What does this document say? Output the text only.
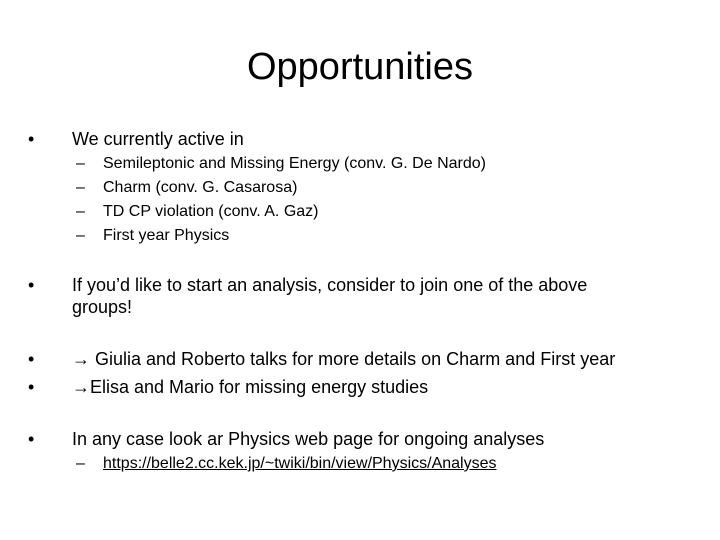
Opportunities
•	We currently active in
– Semileptonic and Missing Energy (conv. G. De Nardo)
– Charm (conv. G. Casarosa)
– TD CP violation (conv. A. Gaz)
– First year Physics
•	If you’d like to start an analysis, consider to join one of the above
groups!
•	→ Giulia and Roberto talks for more details on Charm and First year
•	→Elisa and Mario for missing energy studies
•	In any case look ar Physics web page for ongoing analyses
– https://belle2.cc.kek.jp/~twiki/bin/view/Physics/Analyses
